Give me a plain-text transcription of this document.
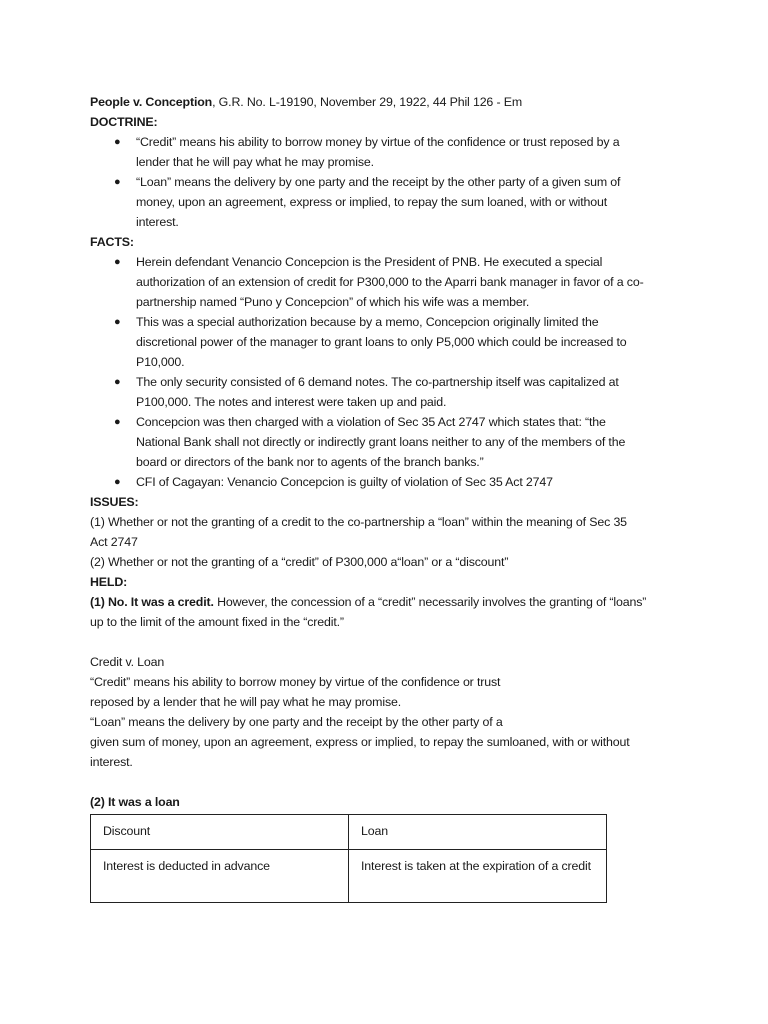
People v. Conception, G.R. No. L-19190, November 29, 1922, 44 Phil 126 - Em

DOCTRINE:

● “Credit” means his ability to borrow money by virtue of the confidence or trust reposed by a
lender that he will pay what he may promise.
● “Loan” means the delivery by one party and the receipt by the other party of a given sum of
money, upon an agreement, express or implied, to repay the sum loaned, with or without
interest.

FACTS:

● Herein defendant Venancio Concepcion is the President of PNB. He executed a special
authorization of an extension of credit for P300,000 to the Aparri bank manager in favor of a co-
partnership named “Puno y Concepcion” of which his wife was a member.
● This was a special authorization because by a memo, Concepcion originally limited the
discretional power of the manager to grant loans to only P5,000 which could be increased to
P10,000.
● The only security consisted of 6 demand notes. The co-partnership itself was capitalized at
P100,000. The notes and interest were taken up and paid.
● Concepcion was then charged with a violation of Sec 35 Act 2747 which states that: “the
National Bank shall not directly or indirectly grant loans neither to any of the members of the
board or directors of the bank nor to agents of the branch banks.”
● CFI of Cagayan: Venancio Concepcion is guilty of violation of Sec 35 Act 2747

ISSUES:

(1) Whether or not the granting of a credit to the co-partnership a “loan” within the meaning of Sec 35

Act 2747

(2) Whether or not the granting of a “credit” of P300,000 a“loan” or a “discount”

HELD:

(1) No. It was a credit. However, the concession of a “credit” necessarily involves the granting of “loans”

up to the limit of the amount fixed in the “credit.”

Credit v. Loan

“Credit” means his ability to borrow money by virtue of the confidence or trust

reposed by a lender that he will pay what he may promise.

“Loan” means the delivery by one party and the receipt by the other party of a

given sum of money, upon an agreement, express or implied, to repay the sumloaned, with or without

interest.

(2) It was a loan

Discount	Loan
Interest is deducted in advance	Interest is taken at the expiration of a credit
